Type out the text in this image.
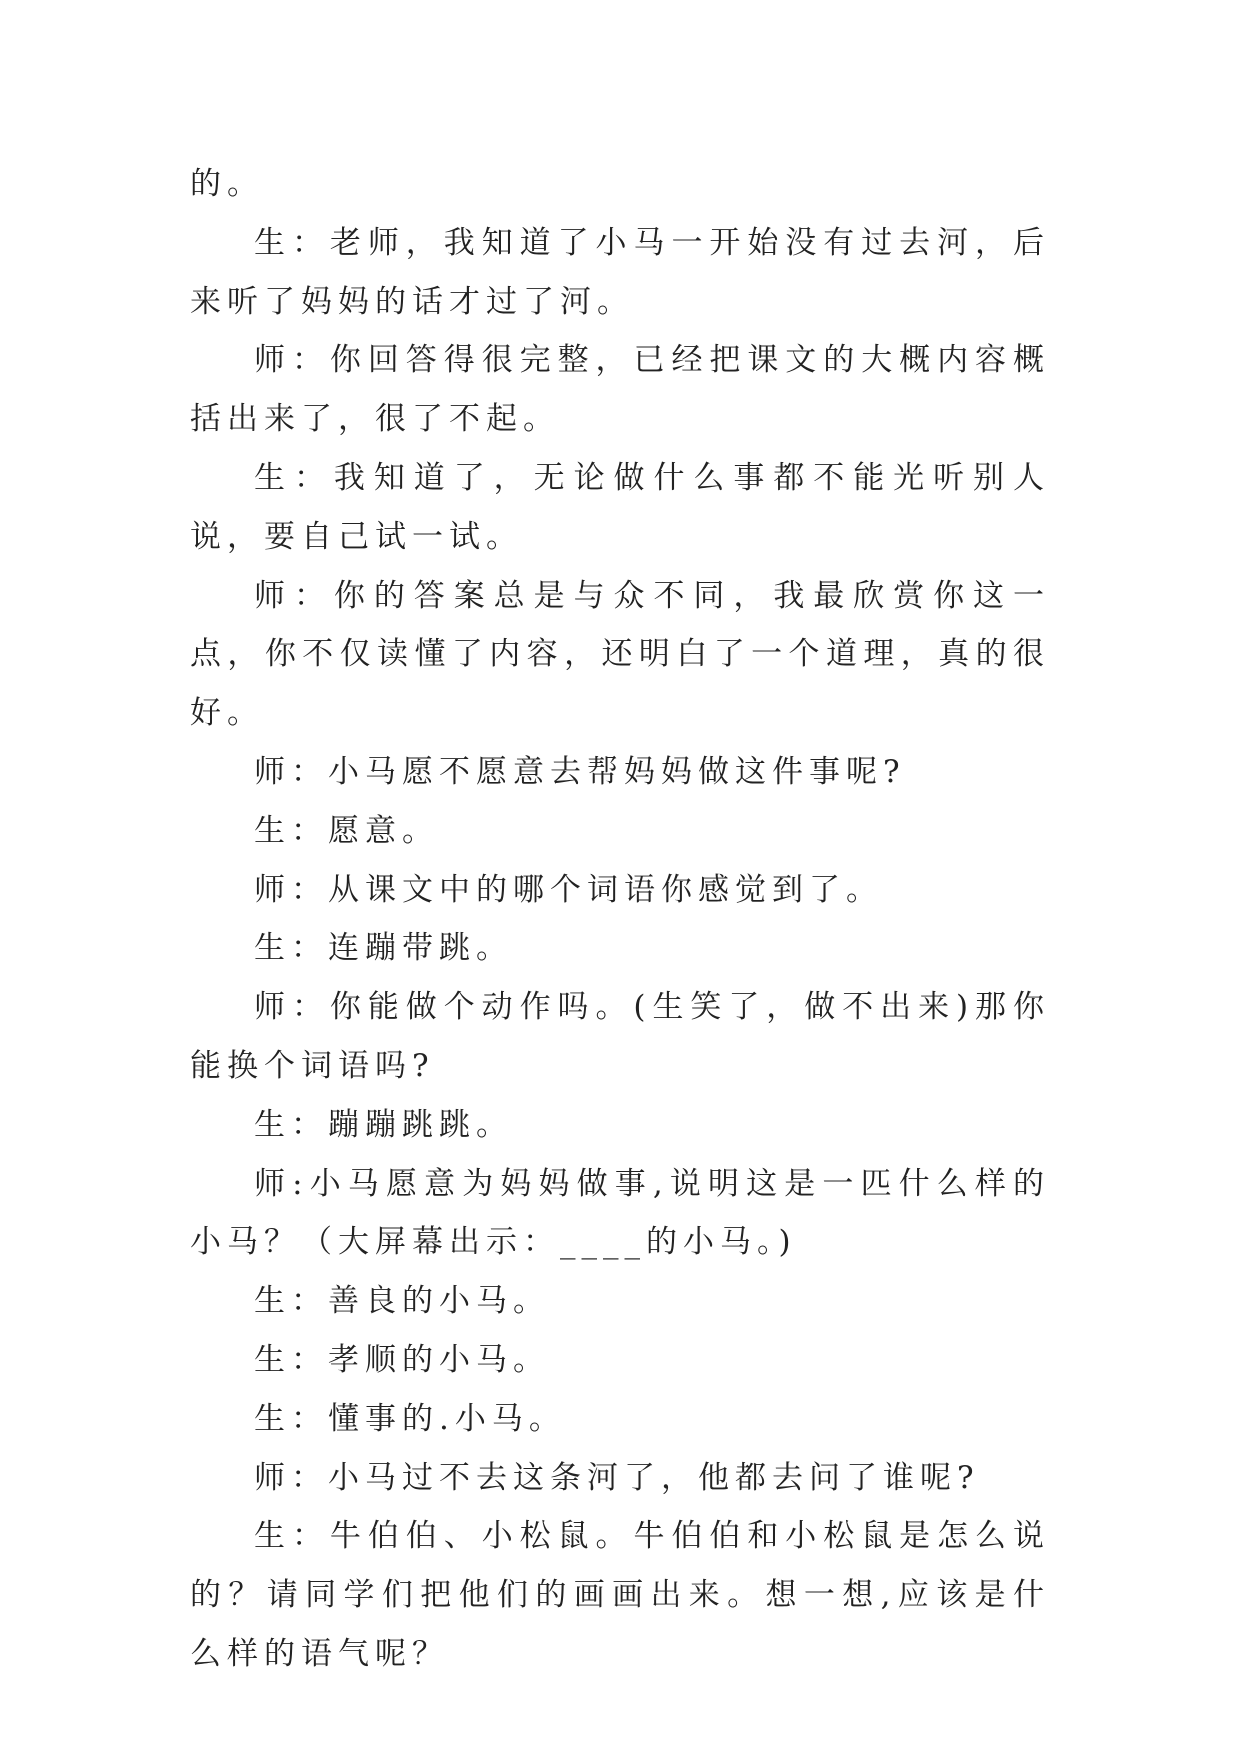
的。

生：老师，我知道了小马一开始没有过去河，后来听了妈妈的话才过了河。

师：你回答得很完整，已经把课文的大概内容概括出来了，很了不起。

生：我知道了，无论做什么事都不能光听别人说，要自己试一试。

师：你的答案总是与众不同，我最欣赏你这一点，你不仅读懂了内容，还明白了一个道理，真的很好。

师：小马愿不愿意去帮妈妈做这件事呢?

生：愿意。

师：从课文中的哪个词语你感觉到了。

生：连蹦带跳。

师：你能做个动作吗。(生笑了，做不出来)那你能换个词语吗?

生：蹦蹦跳跳。

师:小马愿意为妈妈做事,说明这是一匹什么样的小马？（大屏幕出示：____的小马。)

生：善良的小马。

生：孝顺的小马。

生：懂事的.小马。

师：小马过不去这条河了，他都去问了谁呢?

生：牛伯伯、小松鼠。牛伯伯和小松鼠是怎么说的？请同学们把他们的画画出来。想一想,应该是什么样的语气呢？
